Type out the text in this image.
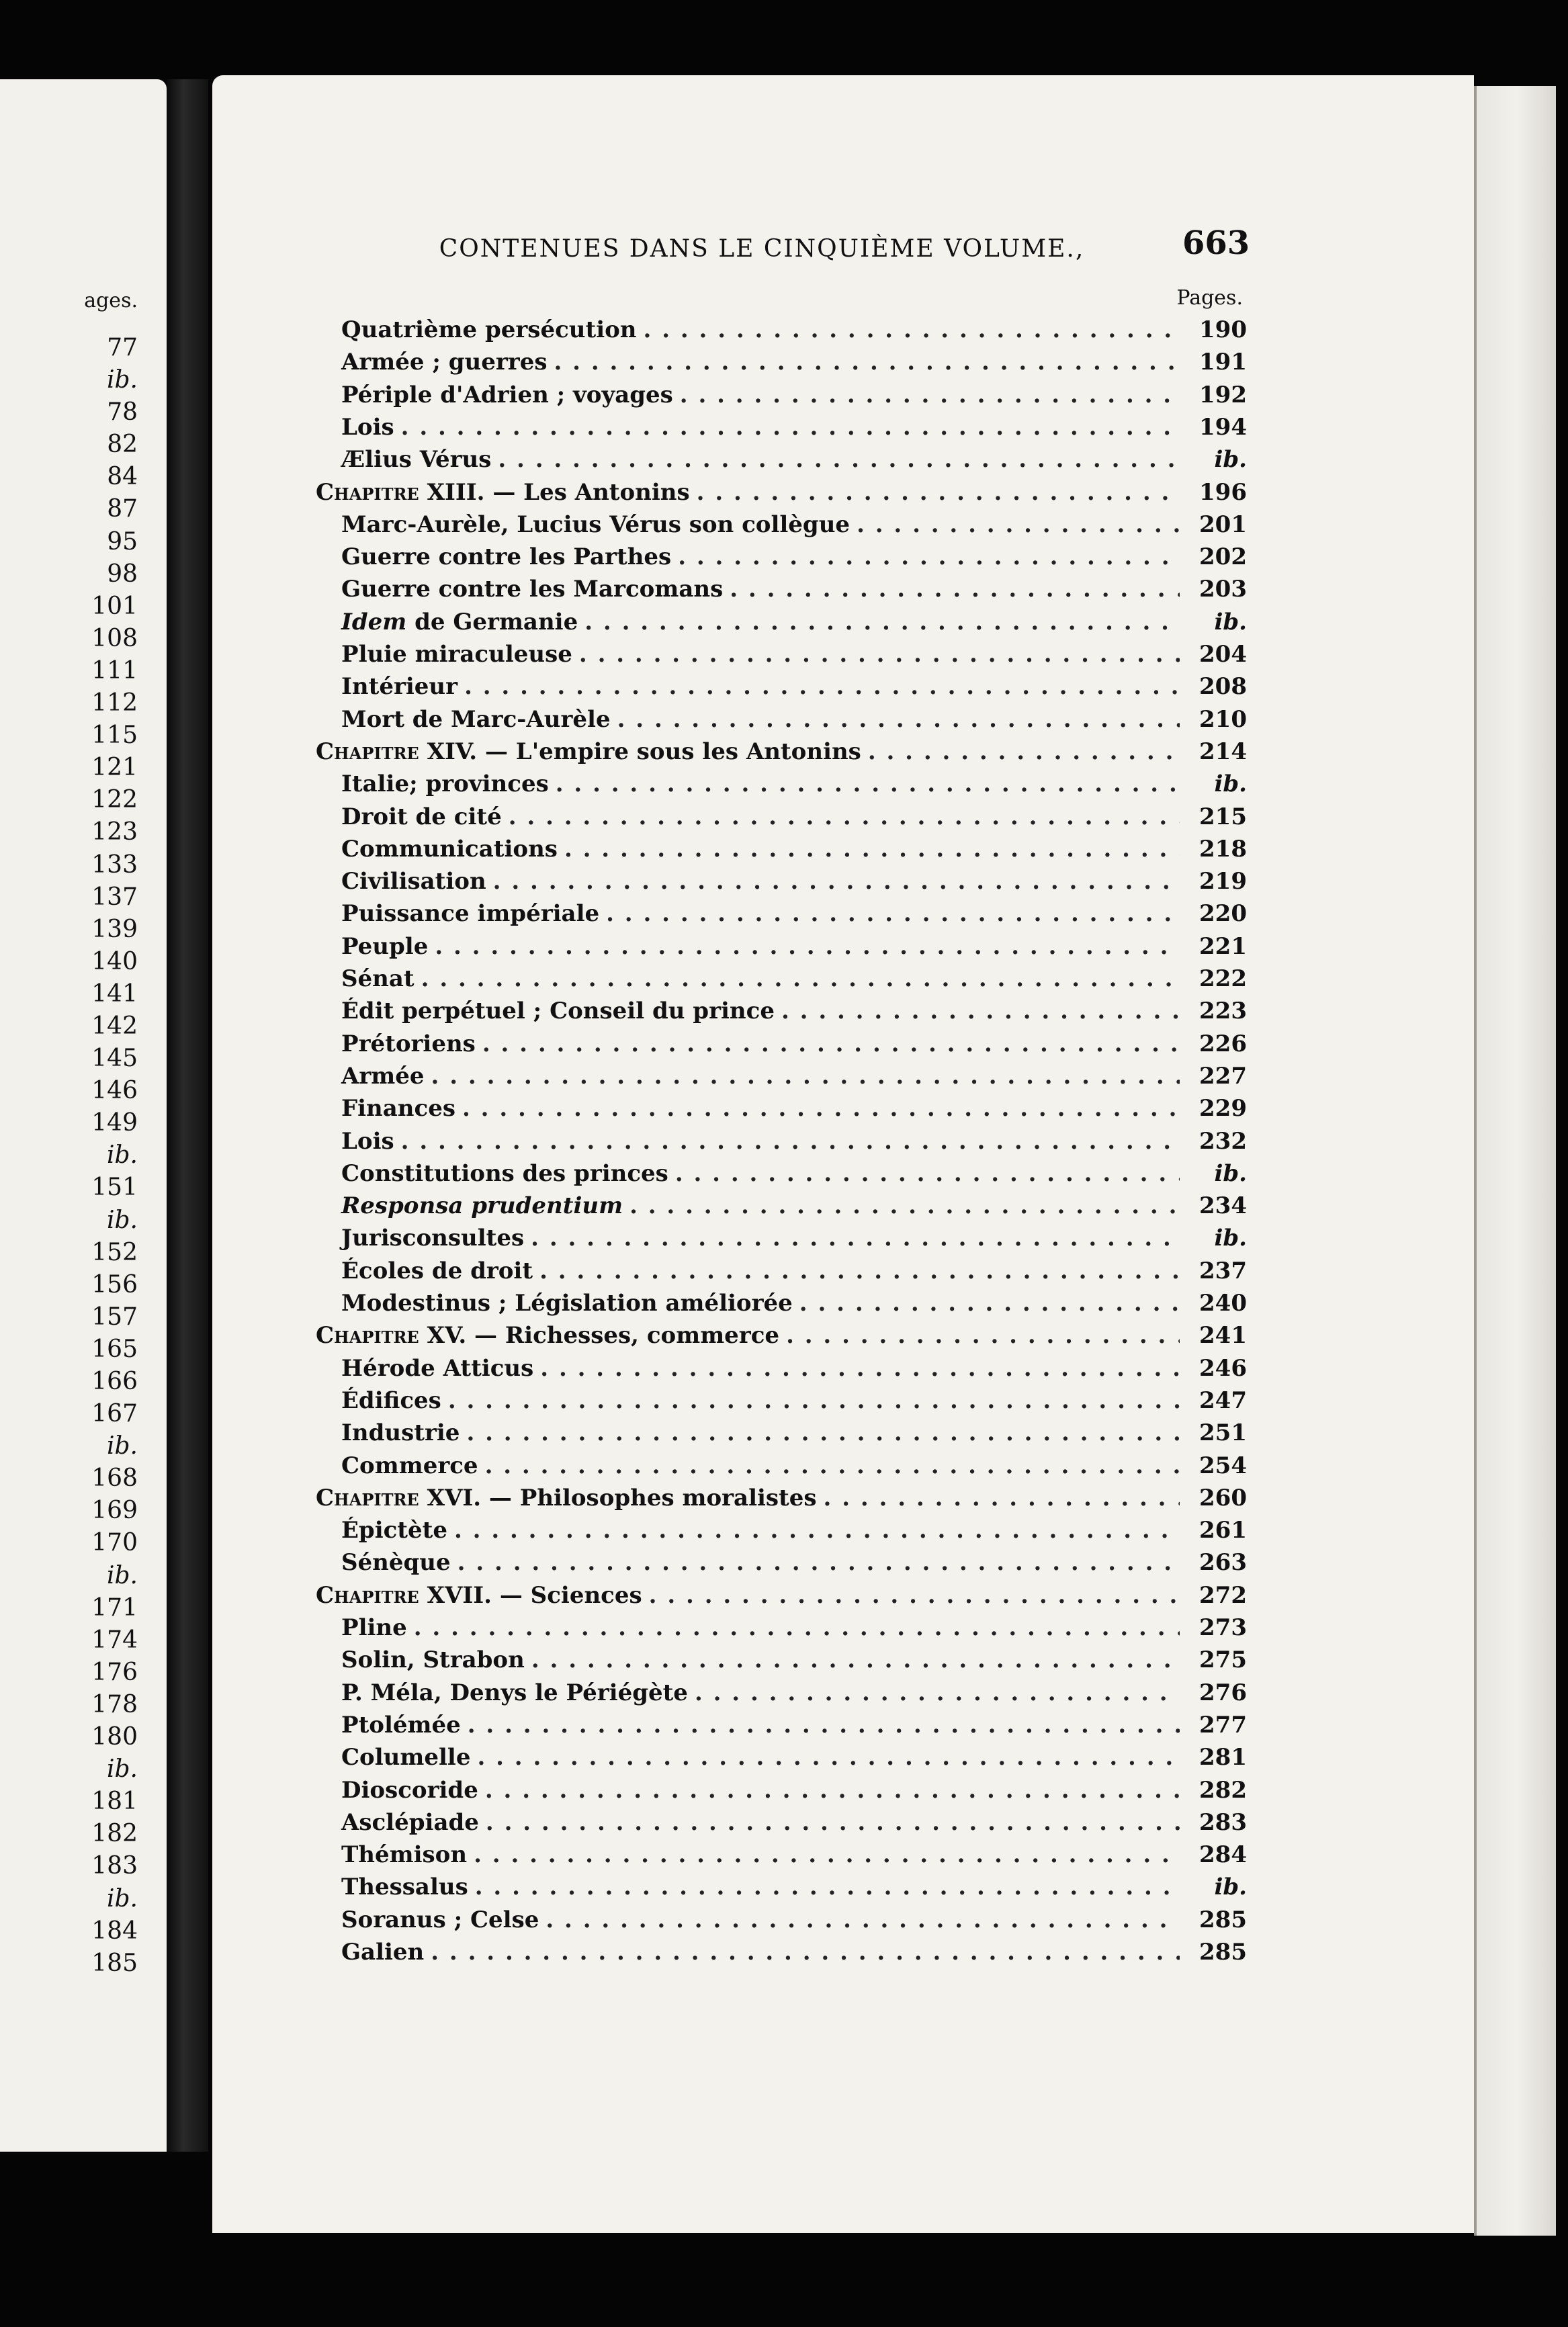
ages.
77
ib.
78
82
84
87
95
98
101
108
111
112
115
121
122
123
133
137
139
140
141
142
145
146
149
ib.
151
ib.
152
156
157
165
166
167
ib.
168
169
170
ib.
171
174
176
178
180
ib.
181
182
183
ib.
184
185
CONTENUES DANS LE CINQUIÈME VOLUME.,	663
Pages.
Quatrième persécution . . .	190
Armée ; guerres . . .	191
Périple d'Adrien ; voyages . . .	192
Lois . . .	194
Ælius Vérus . . .	ib.
Chapitre XIII. — Les Antonins . . .	196
Marc-Aurèle, Lucius Vérus son collègue . . .	201
Guerre contre les Parthes . . .	202
Guerre contre les Marcomans . . .	203
Idem de Germanie . . .	ib.
Pluie miraculeuse . . .	204
Intérieur . . .	208
Mort de Marc-Aurèle . . .	210
Chapitre XIV. — L'empire sous les Antonins . . .	214
Italie; provinces . . .	ib.
Droit de cité . . .	215
Communications . . .	218
Civilisation . . .	219
Puissance impériale . . .	220
Peuple . . .	221
Sénat . . .	222
Édit perpétuel ; Conseil du prince . . .	223
Prétoriens . . .	226
Armée . . .	227
Finances . . .	229
Lois . . .	232
Constitutions des princes . . .	ib.
Responsa prudentium . . .	234
Jurisconsultes . . .	ib.
Écoles de droit . . .	237
Modestinus ; Législation améliorée . . .	240
Chapitre XV. — Richesses, commerce . . .	241
Hérode Atticus . . .	246
Édifices . . .	247
Industrie . . .	251
Commerce . . .	254
Chapitre XVI. — Philosophes moralistes . . .	260
Épictète . . .	261
Sénèque . . .	263
Chapitre XVII. — Sciences . . .	272
Pline . . .	273
Solin, Strabon . . .	275
P. Méla, Denys le Périégète . . .	276
Ptolémée . . .	277
Columelle . . .	281
Dioscoride . . .	282
Asclépiade . . .	283
Thémison . . .	284
Thessalus . . .	ib.
Soranus ; Celse . . .	285
Galien . . .	285
